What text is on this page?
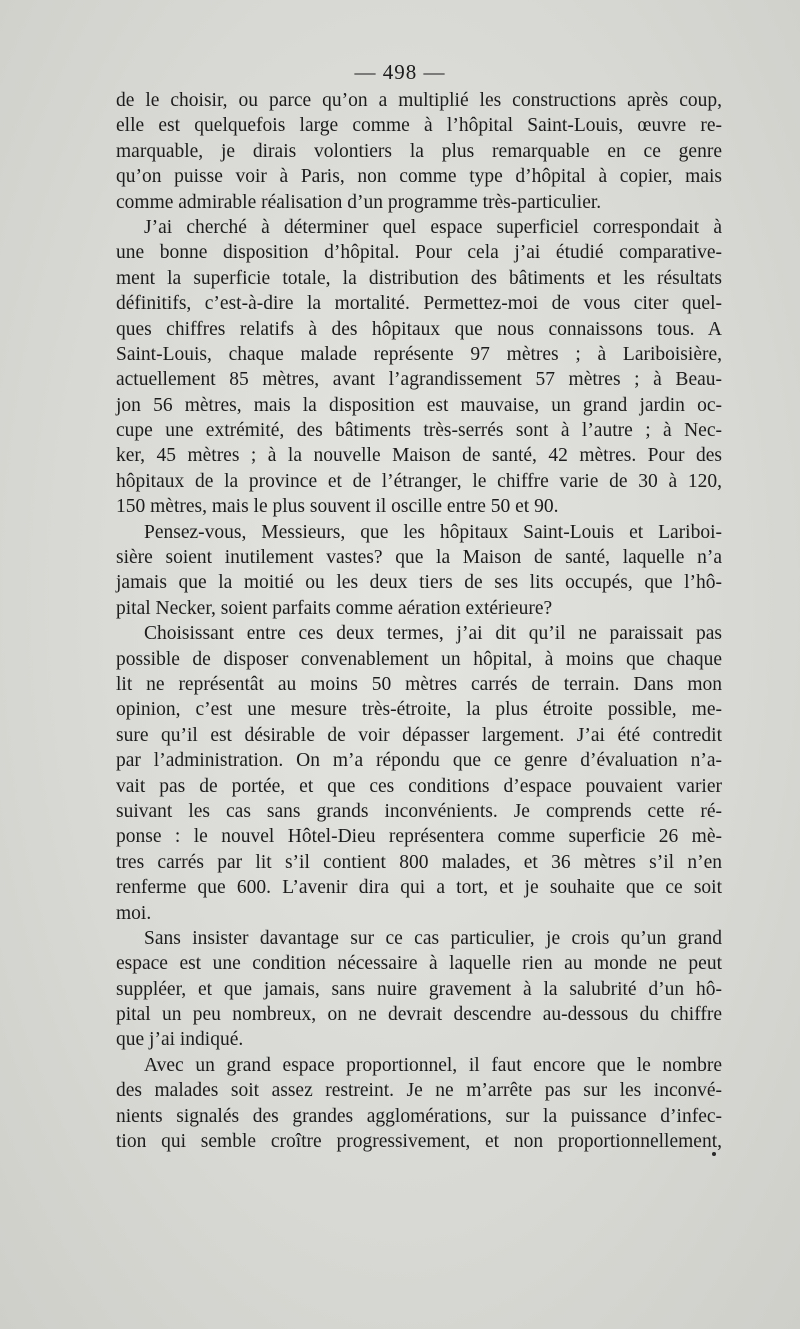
— 498 —
de le choisir, ou parce qu’on a multiplié les constructions après coup,
elle est quelquefois large comme à l’hôpital Saint-Louis, œuvre re-
marquable, je dirais volontiers la plus remarquable en ce genre
qu’on puisse voir à Paris, non comme type d’hôpital à copier, mais
comme admirable réalisation d’un programme très-particulier.
J’ai cherché à déterminer quel espace superficiel correspondait à
une bonne disposition d’hôpital. Pour cela j’ai étudié comparative-
ment la superficie totale, la distribution des bâtiments et les résultats
définitifs, c’est-à-dire la mortalité. Permettez-moi de vous citer quel-
ques chiffres relatifs à des hôpitaux que nous connaissons tous. A
Saint-Louis, chaque malade représente 97 mètres ; à Lariboisière,
actuellement 85 mètres, avant l’agrandissement 57 mètres ; à Beau-
jon 56 mètres, mais la disposition est mauvaise, un grand jardin oc-
cupe une extrémité, des bâtiments très-serrés sont à l’autre ; à Nec-
ker, 45 mètres ; à la nouvelle Maison de santé, 42 mètres. Pour des
hôpitaux de la province et de l’étranger, le chiffre varie de 30 à 120,
150 mètres, mais le plus souvent il oscille entre 50 et 90.
Pensez-vous, Messieurs, que les hôpitaux Saint-Louis et Lariboi-
sière soient inutilement vastes? que la Maison de santé, laquelle n’a
jamais que la moitié ou les deux tiers de ses lits occupés, que l’hô-
pital Necker, soient parfaits comme aération extérieure?
Choisissant entre ces deux termes, j’ai dit qu’il ne paraissait pas
possible de disposer convenablement un hôpital, à moins que chaque
lit ne représentât au moins 50 mètres carrés de terrain. Dans mon
opinion, c’est une mesure très-étroite, la plus étroite possible, me-
sure qu’il est désirable de voir dépasser largement. J’ai été contredit
par l’administration. On m’a répondu que ce genre d’évaluation n’a-
vait pas de portée, et que ces conditions d’espace pouvaient varier
suivant les cas sans grands inconvénients. Je comprends cette ré-
ponse : le nouvel Hôtel-Dieu représentera comme superficie 26 mè-
tres carrés par lit s’il contient 800 malades, et 36 mètres s’il n’en
renferme que 600. L’avenir dira qui a tort, et je souhaite que ce soit
moi.
Sans insister davantage sur ce cas particulier, je crois qu’un grand
espace est une condition nécessaire à laquelle rien au monde ne peut
suppléer, et que jamais, sans nuire gravement à la salubrité d’un hô-
pital un peu nombreux, on ne devrait descendre au-dessous du chiffre
que j’ai indiqué.
Avec un grand espace proportionnel, il faut encore que le nombre
des malades soit assez restreint. Je ne m’arrête pas sur les inconvé-
nients signalés des grandes agglomérations, sur la puissance d’infec-
tion qui semble croître progressivement, et non proportionnellement,
